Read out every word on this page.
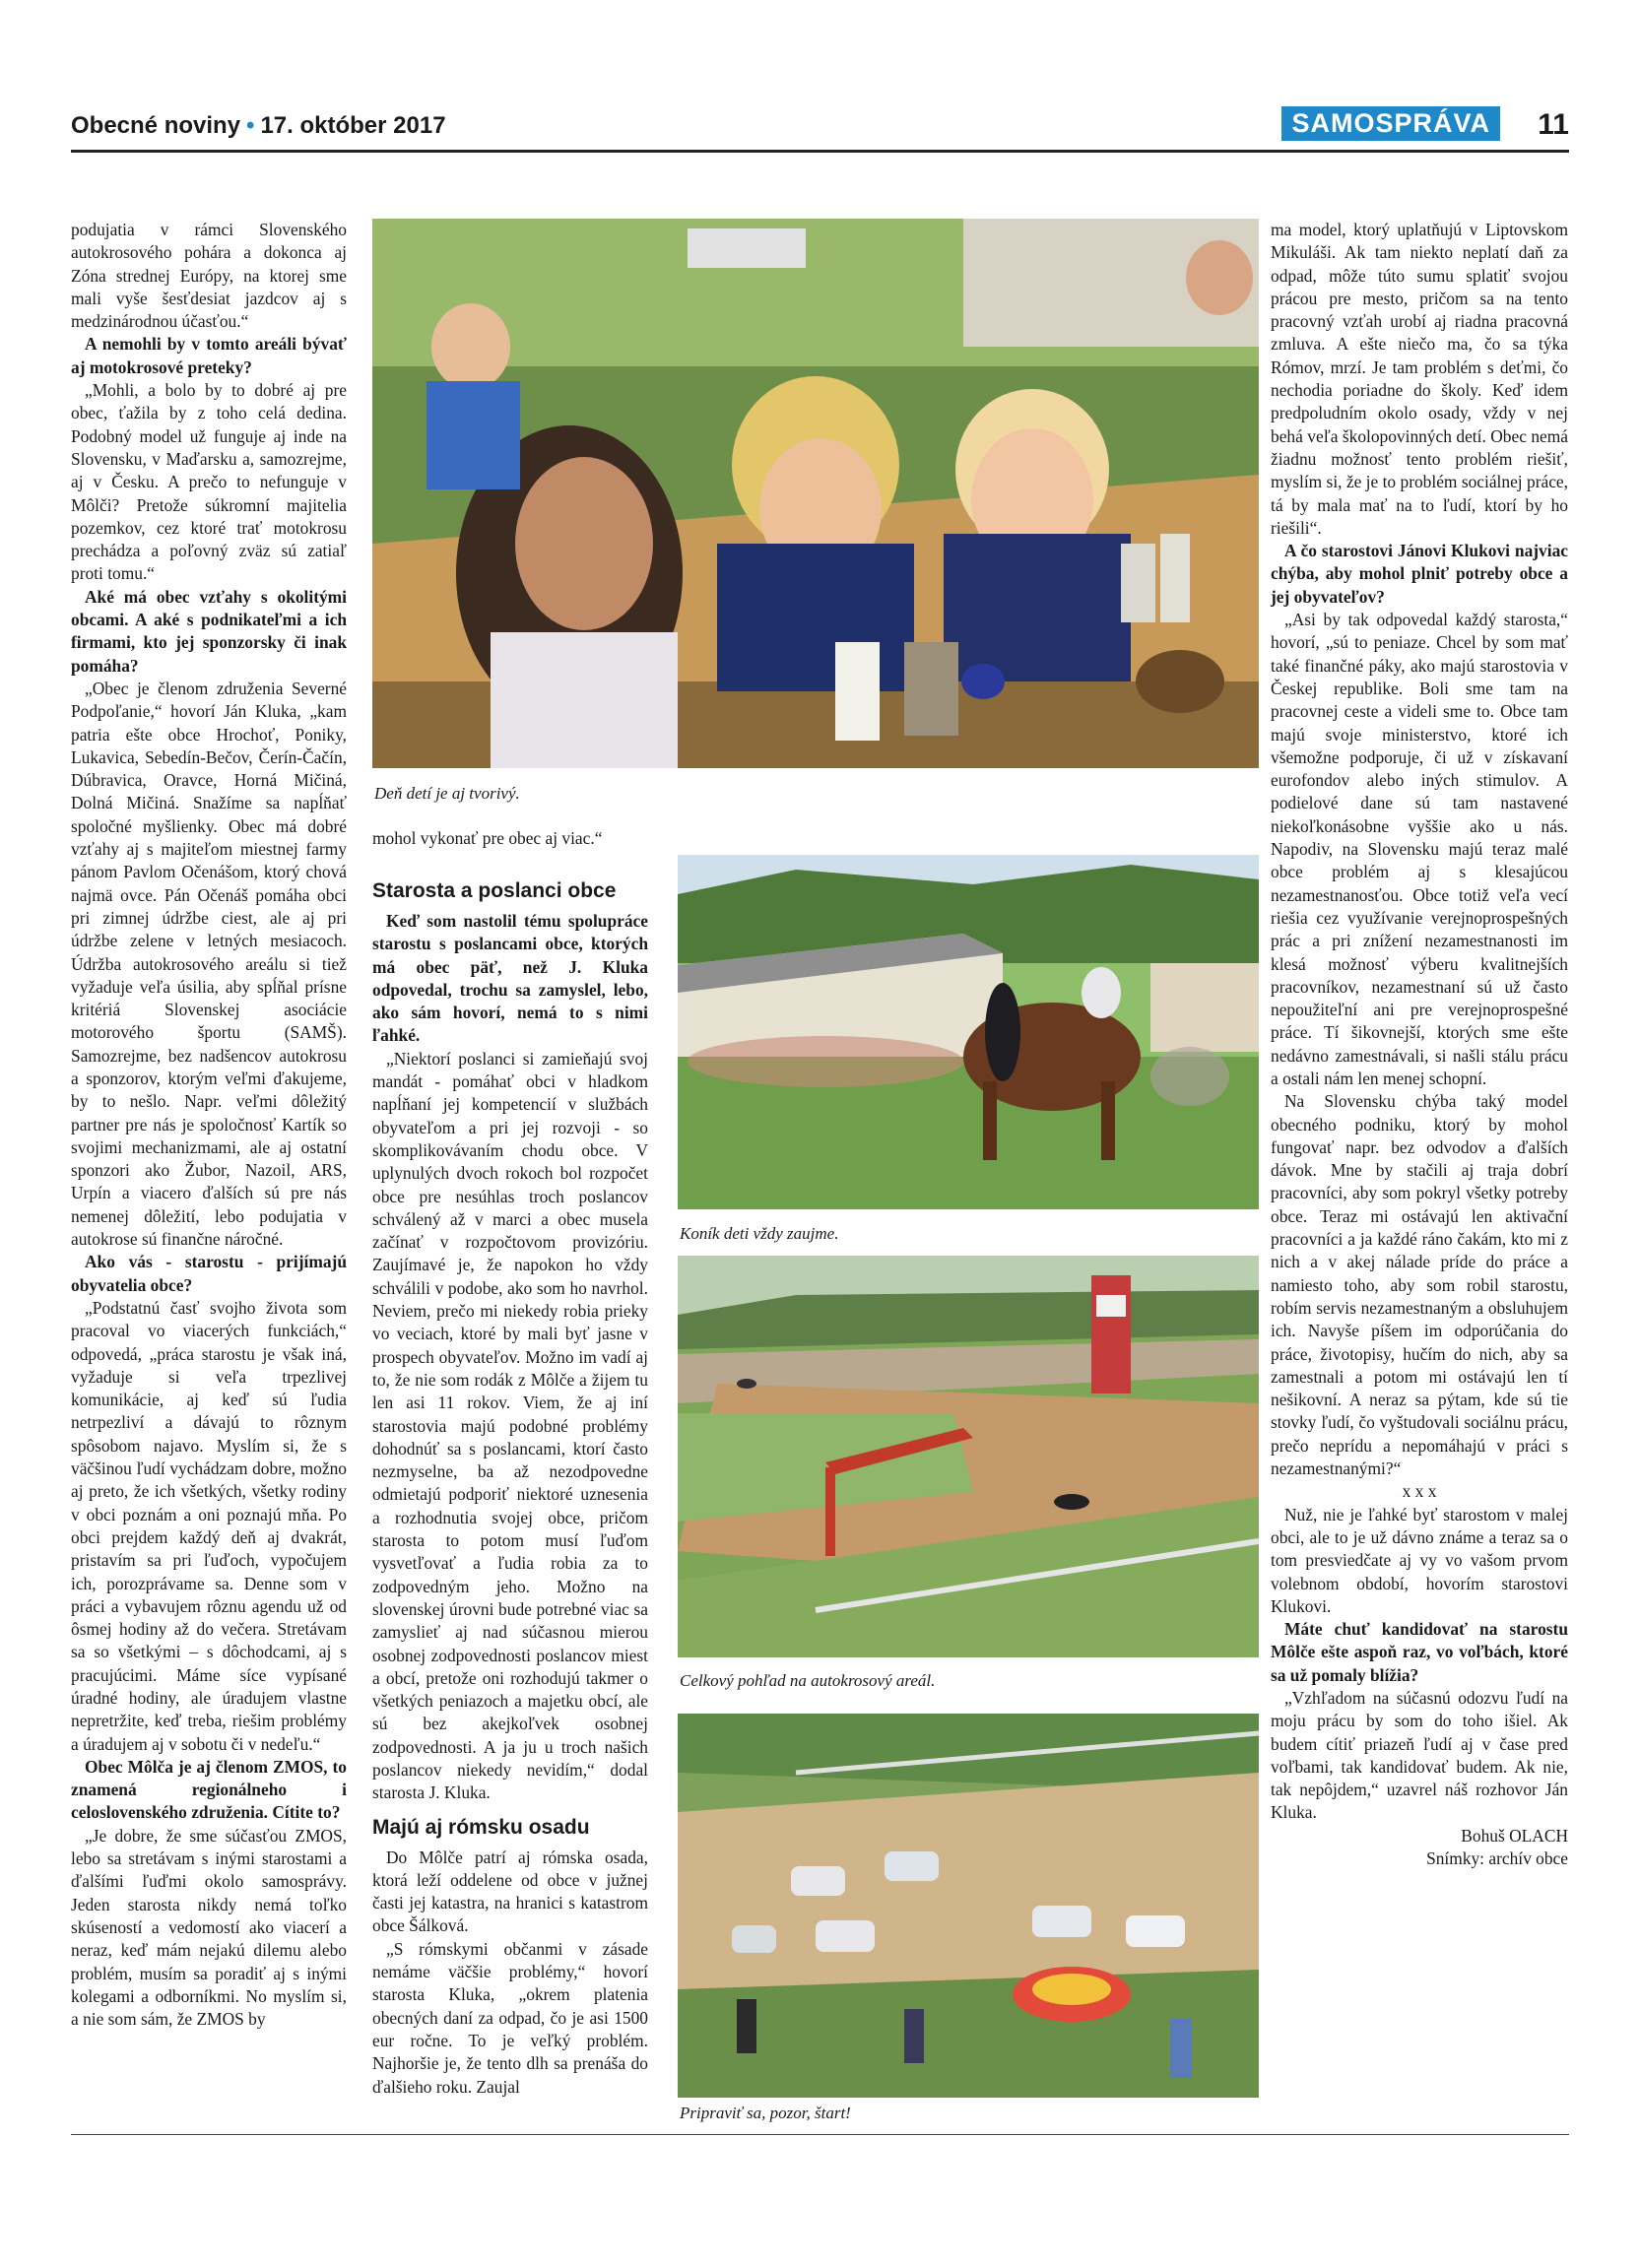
Obecné noviny • 17. október 2017	SAMOSPRÁVA	11

podujatia v rámci Slovenského autokrosového pohára a dokonca aj Zóna strednej Európy, na ktorej sme mali vyše šesťdesiat jazdcov aj s medzinárodnou účasťou.“

A nemohli by v tomto areáli bývať aj motokrosové preteky?

„Mohli, a bolo by to dobré aj pre obec, ťažila by z toho celá dedina. Podobný model už funguje aj inde na Slovensku, v Maďarsku a, samozrejme, aj v Česku. A prečo to nefunguje v Môlči? Pretože súkromní majitelia pozemkov, cez ktoré trať motokrosu prechádza a poľovný zväz sú zatiaľ proti tomu.“

Aké má obec vzťahy s okolitými obcami. A aké s podnikateľmi a ich firmami, kto jej sponzorsky či inak pomáha?

„Obec je členom združenia Severné Podpoľanie,“ hovorí Ján Kluka, „kam patria ešte obce Hrochoť, Poniky, Lukavica, Sebedín-Bečov, Čerín-Čačín, Dúbravica, Oravce, Horná Mičiná, Dolná Mičiná. Snažíme sa napĺňať spoločné myšlienky. Obec má dobré vzťahy aj s majiteľom miestnej farmy pánom Pavlom Očenášom, ktorý chová najmä ovce. Pán Očenáš pomáha obci pri zimnej údržbe ciest, ale aj pri údržbe zelene v letných mesiacoch. Údržba autokrosového areálu si tiež vyžaduje veľa úsilia, aby spĺňal prísne kritériá Slovenskej asociácie motorového športu (SAMŠ). Samozrejme, bez nadšencov autokrosu a sponzorov, ktorým veľmi ďakujeme, by to nešlo. Napr. veľmi dôležitý partner pre nás je spoločnosť Kartík so svojimi mechanizmami, ale aj ostatní sponzori ako Žubor, Nazoil, ARS, Urpín a viacero ďalších sú pre nás nemenej dôležití, lebo podujatia v autokrose sú finančne náročné.

Ako vás - starostu - prijímajú obyvatelia obce?

„Podstatnú časť svojho života som pracoval vo viacerých funkciách,“ odpovedá, „práca starostu je však iná, vyžaduje si veľa trpezlivej komunikácie, aj keď sú ľudia netrpezliví a dávajú to rôznym spôsobom najavo. Myslím si, že s väčšinou ľudí vychádzam dobre, možno aj preto, že ich všetkých, všetky rodiny v obci poznám a oni poznajú mňa. Po obci prejdem každý deň aj dvakrát, pristavím sa pri ľuďoch, vypočujem ich, porozprávame sa. Denne som v práci a vybavujem rôznu agendu už od ôsmej hodiny až do večera. Stretávam sa so všetkými – s dôchodcami, aj s pracujúcimi. Máme síce vypísané úradné hodiny, ale úradujem vlastne nepretržite, keď treba, riešim problémy a úradujem aj v sobotu či v nedeľu.“

Obec Môlča je aj členom ZMOS, to znamená regionálneho i celoslovenského združenia. Cítite to?

„Je dobre, že sme súčasťou ZMOS, lebo sa stretávam s inými starostami a ďalšími ľuďmi okolo samosprávy. Jeden starosta nikdy nemá toľko skúseností a vedomostí ako viacerí a neraz, keď mám nejakú dilemu alebo problém, musím sa poradiť aj s inými kolegami a odborníkmi. No myslím si, a nie som sám, že ZMOS by

Deň detí je aj tvorivý.

mohol vykonať pre obec aj viac.“

Starosta a poslanci obce

Keď som nastolil tému spolupráce starostu s poslancami obce, ktorých má obec päť, než J. Kluka odpovedal, trochu sa zamyslel, lebo, ako sám hovorí, nemá to s nimi ľahké.

„Niektorí poslanci si zamieňajú svoj mandát - pomáhať obci v hladkom napĺňaní jej kompetencií v službách obyvateľom a pri jej rozvoji - so skomplikovávaním chodu obce. V uplynulých dvoch rokoch bol rozpočet obce pre nesúhlas troch poslancov schválený až v marci a obec musela začínať v rozpočtovom provizóriu. Zaujímavé je, že napokon ho vždy schválili v podobe, ako som ho navrhol. Neviem, prečo mi niekedy robia prieky vo veciach, ktoré by mali byť jasne v prospech obyvateľov. Možno im vadí aj to, že nie som rodák z Môlče a žijem tu len asi 11 rokov. Viem, že aj iní starostovia majú podobné problémy dohodnúť sa s poslancami, ktorí často nezmyselne, ba až nezodpovedne odmietajú podporiť niektoré uznesenia a rozhodnutia svojej obce, pričom starosta to potom musí ľuďom vysvetľovať a ľudia robia za to zodpovedným jeho. Možno na slovenskej úrovni bude potrebné viac sa zamyslieť aj nad súčasnou mierou osobnej zodpovednosti poslancov miest a obcí, pretože oni rozhodujú takmer o všetkých peniazoch a majetku obcí, ale sú bez akejkoľvek osobnej zodpovednosti. A ja ju u troch našich poslancov niekedy nevidím,“ dodal starosta J. Kluka.

Majú aj rómsku osadu

Do Môlče patrí aj rómska osada, ktorá leží oddelene od obce v južnej časti jej katastra, na hranici s katastrom obce Šálková.

„S rómskymi občanmi v zásade nemáme väčšie problémy,“ hovorí starosta Kluka, „okrem platenia obecných daní za odpad, čo je asi 1500 eur ročne. To je veľký problém. Najhoršie je, že tento dlh sa prenáša do ďalšieho roku. Zaujal

Koník deti vždy zaujme.
Celkový pohľad na autokrosový areál.
Pripraviť sa, pozor, štart!

ma model, ktorý uplatňujú v Liptovskom Mikuláši. Ak tam niekto neplatí daň za odpad, môže túto sumu splatiť svojou prácou pre mesto, pričom sa na tento pracovný vzťah urobí aj riadna pracovná zmluva. A ešte niečo ma, čo sa týka Rómov, mrzí. Je tam problém s deťmi, čo nechodia poriadne do školy. Keď idem predpoludním okolo osady, vždy v nej behá veľa školopovinných detí. Obec nemá žiadnu možnosť tento problém riešiť, myslím si, že je to problém sociálnej práce, tá by mala mať na to ľudí, ktorí by ho riešili“.

A čo starostovi Jánovi Klukovi najviac chýba, aby mohol plniť potreby obce a jej obyvateľov?

„Asi by tak odpovedal každý starosta,“ hovorí, „sú to peniaze. Chcel by som mať také finančné páky, ako majú starostovia v Českej republike. Boli sme tam na pracovnej ceste a videli sme to. Obce tam majú svoje ministerstvo, ktoré ich všemožne podporuje, či už v získavaní eurofondov alebo iných stimulov. A podielové dane sú tam nastavené niekoľkonásobne vyššie ako u nás. Napodiv, na Slovensku majú teraz malé obce problém aj s klesajúcou nezamestnanosťou. Obce totiž veľa vecí riešia cez využívanie verejnoprospešných prác a pri znížení nezamestnanosti im klesá možnosť výberu kvalitnejších pracovníkov, nezamestnaní sú už často nepoužiteľní ani pre verejnoprospešné práce. Tí šikovnejší, ktorých sme ešte nedávno zamestnávali, si našli stálu prácu a ostali nám len menej schopní.

Na Slovensku chýba taký model obecného podniku, ktorý by mohol fungovať napr. bez odvodov a ďalších dávok. Mne by stačili aj traja dobrí pracovníci, aby som pokryl všetky potreby obce. Teraz mi ostávajú len aktivační pracovníci a ja každé ráno čakám, kto mi z nich a v akej nálade príde do práce a namiesto toho, aby som robil starostu, robím servis nezamestnaným a obsluhujem ich. Navyše píšem im odporúčania do práce, životopisy, hučím do nich, aby sa zamestnali a potom mi ostávajú len tí nešikovní. A neraz sa pýtam, kde sú tie stovky ľudí, čo vyštudovali sociálnu prácu, prečo neprídu a nepomáhajú v práci s nezamestnanými?“

x x x

Nuž, nie je ľahké byť starostom v malej obci, ale to je už dávno známe a teraz sa o tom presviedčate aj vy vo vašom prvom volebnom období, hovorím starostovi Klukovi.

Máte chuť kandidovať na starostu Môlče ešte aspoň raz, vo voľbách, ktoré sa už pomaly blížia?

„Vzhľadom na súčasnú odozvu ľudí na moju prácu by som do toho išiel. Ak budem cítiť priazeň ľudí aj v čase pred voľbami, tak kandidovať budem. Ak nie, tak nepôjdem,“ uzavrel náš rozhovor Ján Kluka.

Bohuš OLACH

Snímky: archív obce
